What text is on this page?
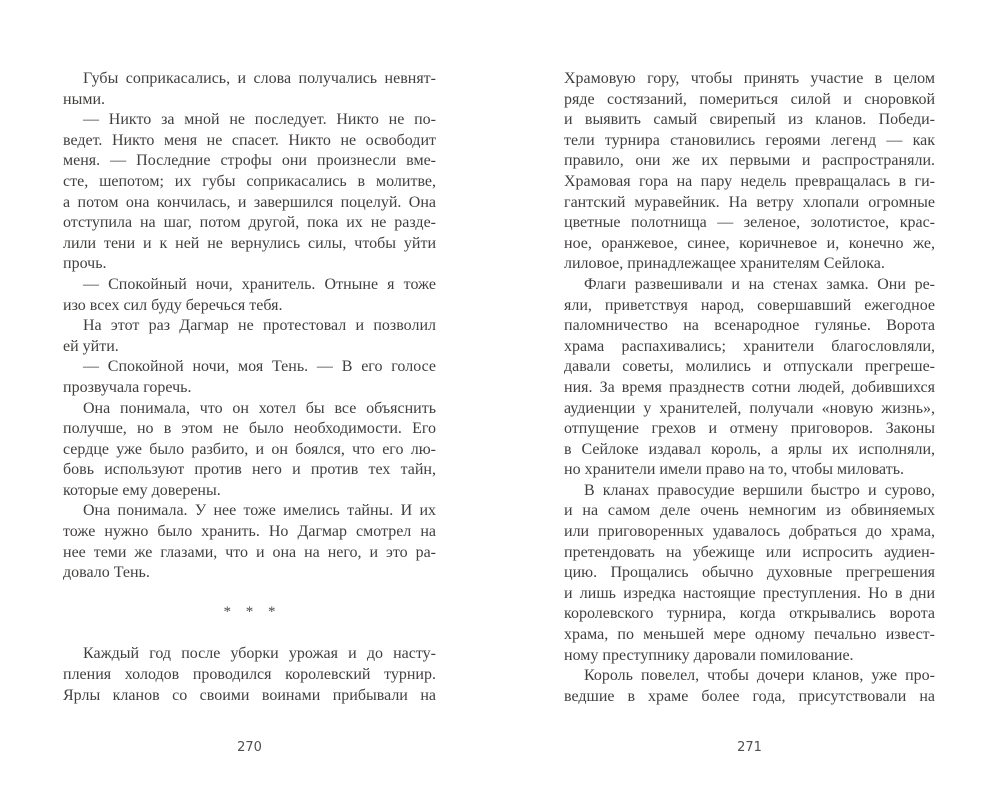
Губы соприкасались, и слова получались невнят-
ными.
— Никто за мной не последует. Никто не по-
ведет. Никто меня не спасет. Никто не освободит
меня. — Последние строфы они произнесли вме-
сте, шепотом; их губы соприкасались в молитве,
а потом она кончилась, и завершился поцелуй. Она
отступила на шаг, потом другой, пока их не разде-
лили тени и к ней не вернулись силы, чтобы уйти
прочь.
— Спокойный ночи, хранитель. Отныне я тоже
изо всех сил буду беречься тебя.
На этот раз Дагмар не протестовал и позволил
ей уйти.
— Спокойной ночи, моя Тень. — В его голосе
прозвучала горечь.
Она понимала, что он хотел бы все объяснить
получше, но в этом не было необходимости. Его
сердце уже было разбито, и он боялся, что его лю-
бовь используют против него и против тех тайн,
которые ему доверены.
Она понимала. У нее тоже имелись тайны. И их
тоже нужно было хранить. Но Дагмар смотрел на
нее теми же глазами, что и она на него, и это ра-
довало Тень.
* * *
Каждый год после уборки урожая и до насту-
пления холодов проводился королевский турнир.
Ярлы кланов со своими воинами прибывали на
Храмовую гору, чтобы принять участие в целом
ряде состязаний, помериться силой и сноровкой
и выявить самый свирепый из кланов. Победи-
тели турнира становились героями легенд — как
правило, они же их первыми и распространяли.
Храмовая гора на пару недель превращалась в ги-
гантский муравейник. На ветру хлопали огромные
цветные полотнища — зеленое, золотистое, крас-
ное, оранжевое, синее, коричневое и, конечно же,
лиловое, принадлежащее хранителям Сейлока.
Флаги развешивали и на стенах замка. Они ре-
яли, приветствуя народ, совершавший ежегодное
паломничество на всенародное гулянье. Ворота
храма распахивались; хранители благословляли,
давали советы, молились и отпускали прегреше-
ния. За время празднеств сотни людей, добившихся
аудиенции у хранителей, получали «новую жизнь»,
отпущение грехов и отмену приговоров. Законы
в Сейлоке издавал король, а ярлы их исполняли,
но хранители имели право на то, чтобы миловать.
В кланах правосудие вершили быстро и сурово,
и на самом деле очень немногим из обвиняемых
или приговоренных удавалось добраться до храма,
претендовать на убежище или испросить аудиен-
цию. Прощались обычно духовные прегрешения
и лишь изредка настоящие преступления. Но в дни
королевского турнира, когда открывались ворота
храма, по меньшей мере одному печально извест-
ному преступнику даровали помилование.
Король повелел, чтобы дочери кланов, уже про-
ведшие в храме более года, присутствовали на
270	271
